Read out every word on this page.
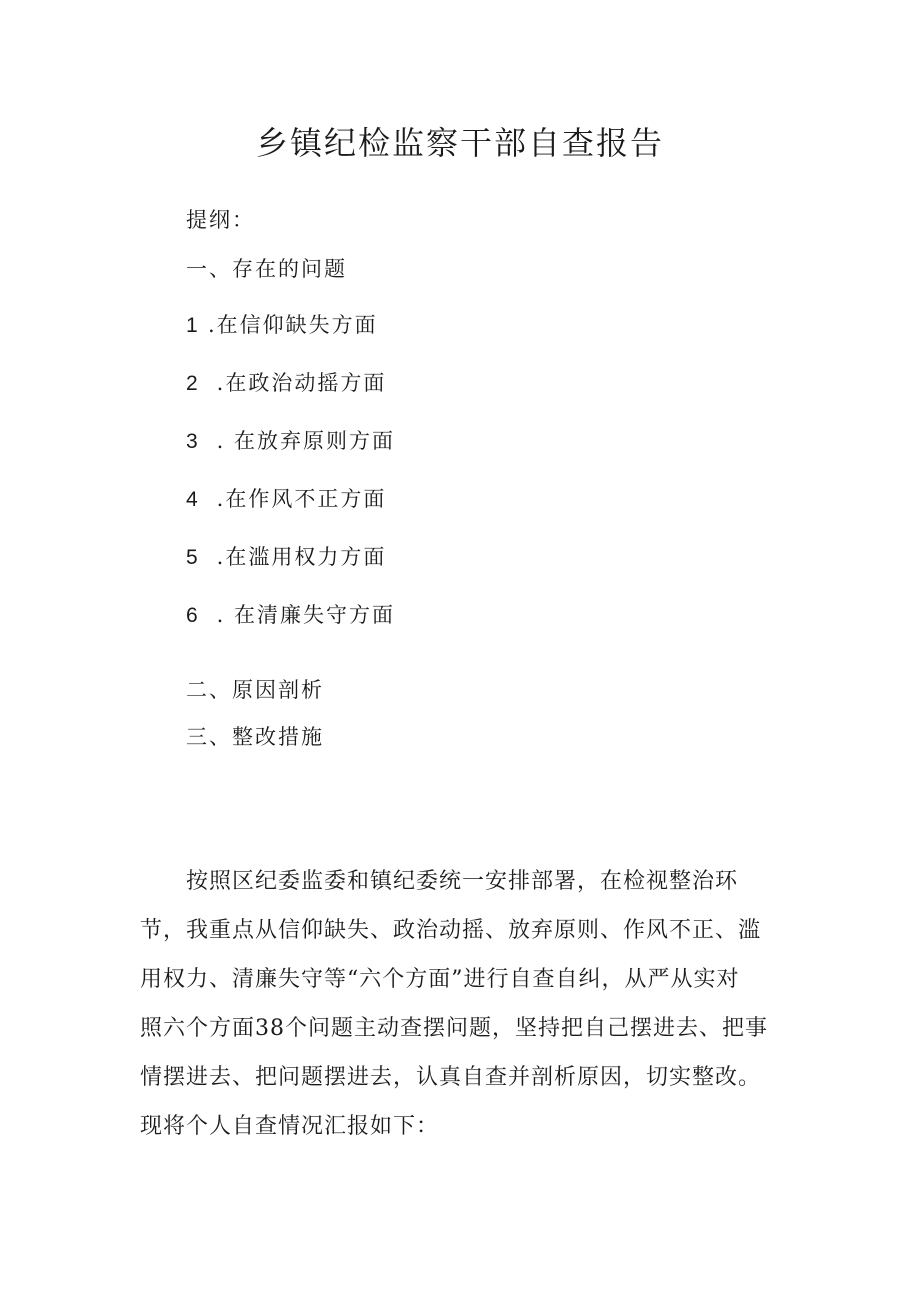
乡镇纪检监察干部自查报告
提纲：
一、存在的问题
1 .在信仰缺失方面
2 .在政治动摇方面
3 . 在放弃原则方面
4 .在作风不正方面
5 .在滥用权力方面
6 . 在清廉失守方面
二、原因剖析
三、整改措施
按照区纪委监委和镇纪委统一安排部署，在检视整治环
节，我重点从信仰缺失、政治动摇、放弃原则、作风不正、滥
用权力、清廉失守等“六个方面”进行自查自纠，从严从实对
照六个方面38个问题主动查摆问题，坚持把自己摆进去、把事
情摆进去、把问题摆进去，认真自查并剖析原因，切实整改。
现将个人自查情况汇报如下：
